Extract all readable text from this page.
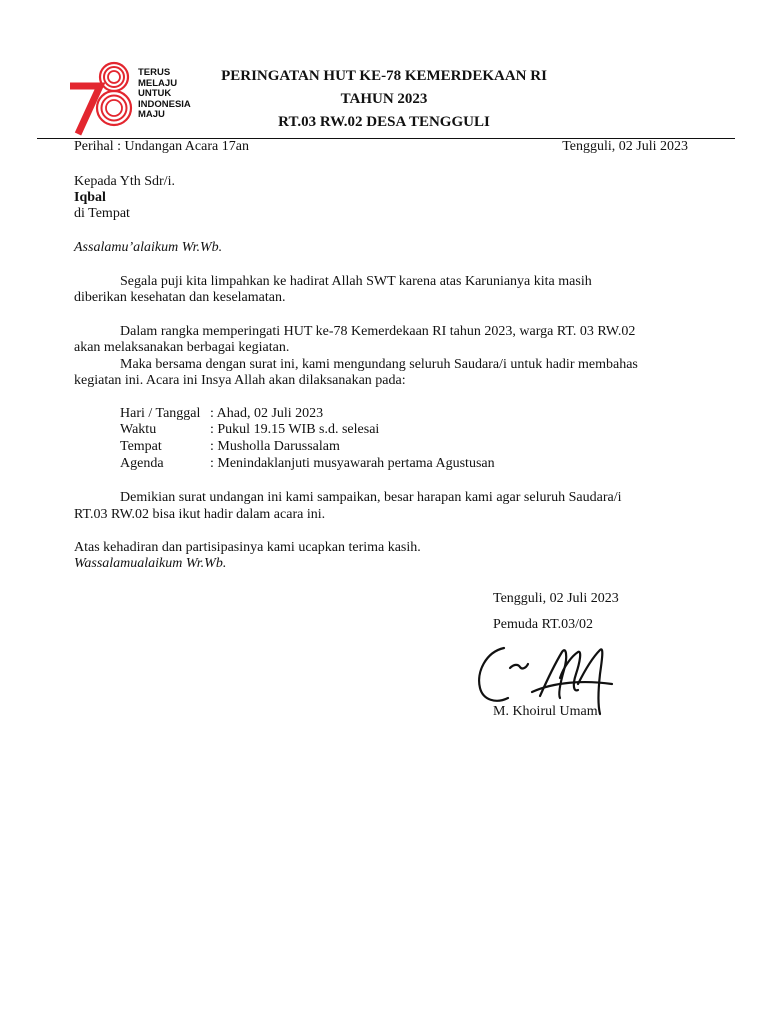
TERUS
MELAJU
UNTUK
INDONESIA
MAJU
PERINGATAN HUT KE-78 KEMERDEKAAN RI
TAHUN 2023
RT.03 RW.02 DESA TENGGULI
Perihal : Undangan Acara 17an	Tengguli, 02 Juli 2023
Kepada Yth Sdr/i.
Iqbal
di Tempat
Assalamu’alaikum Wr.Wb.
Segala puji kita limpahkan ke hadirat Allah SWT karena atas Karunianya kita masih
diberikan kesehatan dan keselamatan.
Dalam rangka memperingati HUT ke-78 Kemerdekaan RI tahun 2023, warga RT. 03 RW.02
akan melaksanakan berbagai kegiatan.
Maka bersama dengan surat ini, kami mengundang seluruh Saudara/i untuk hadir membahas
kegiatan ini. Acara ini Insya Allah akan dilaksanakan pada:
Hari / Tanggal : Ahad, 02 Juli 2023
Waktu	: Pukul 19.15 WIB s.d. selesai
Tempat	: Musholla Darussalam
Agenda	: Menindaklanjuti musyawarah pertama Agustusan
Demikian surat undangan ini kami sampaikan, besar harapan kami agar seluruh Saudara/i
RT.03 RW.02 bisa ikut hadir dalam acara ini.
Atas kehadiran dan partisipasinya kami ucapkan terima kasih.
Wassalamualaikum Wr.Wb.
Tengguli, 02 Juli 2023
Pemuda RT.03/02
M. Khoirul Umam
